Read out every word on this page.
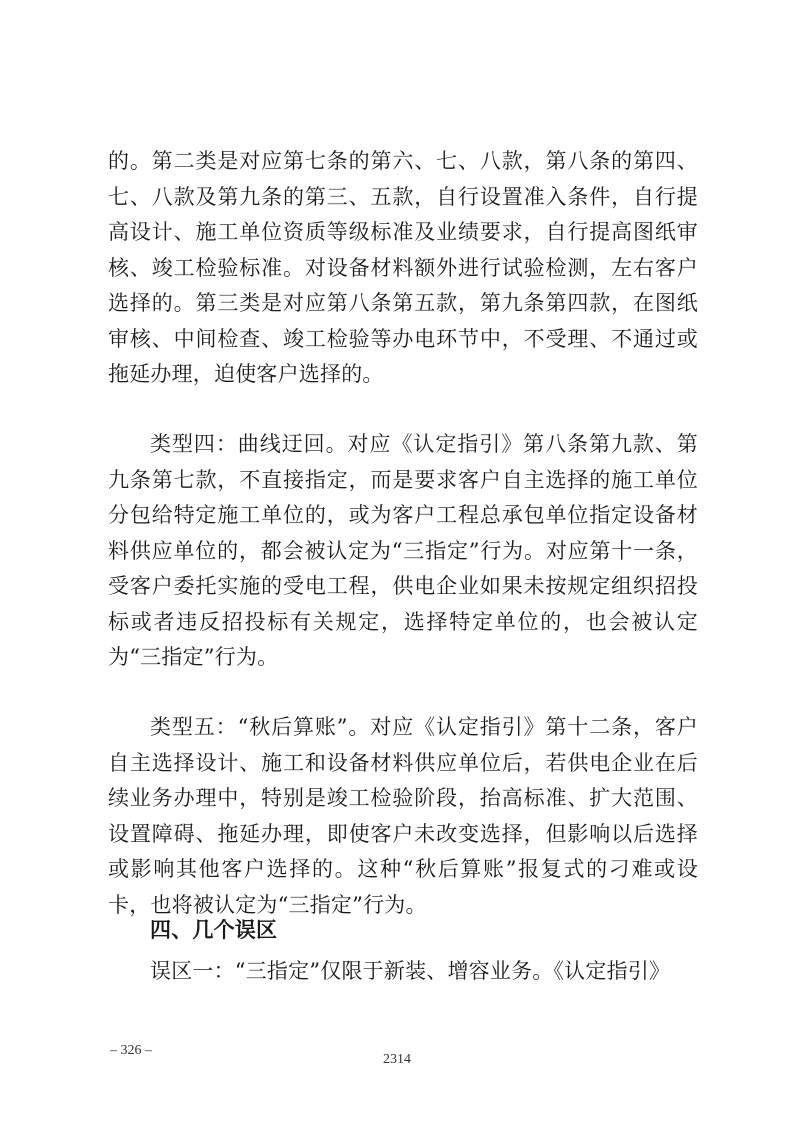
的。第二类是对应第七条的第六、七、八款，第八条的第四、七、八款及第九条的第三、五款，自行设置准入条件，自行提高设计、施工单位资质等级标准及业绩要求，自行提高图纸审核、竣工检验标准。对设备材料额外进行试验检测，左右客户选择的。第三类是对应第八条第五款，第九条第四款，在图纸审核、中间检查、竣工检验等办电环节中，不受理、不通过或拖延办理，迫使客户选择的。

类型四：曲线迂回。对应《认定指引》第八条第九款、第九条第七款，不直接指定，而是要求客户自主选择的施工单位分包给特定施工单位的，或为客户工程总承包单位指定设备材料供应单位的，都会被认定为“三指定”行为。对应第十一条，受客户委托实施的受电工程，供电企业如果未按规定组织招投标或者违反招投标有关规定，选择特定单位的，也会被认定为“三指定”行为。

类型五：“秋后算账”。对应《认定指引》第十二条，客户自主选择设计、施工和设备材料供应单位后，若供电企业在后续业务办理中，特别是竣工检验阶段，抬高标准、扩大范围、设置障碍、拖延办理，即使客户未改变选择，但影响以后选择或影响其他客户选择的。这种“秋后算账”报复式的刁难或设卡，也将被认定为“三指定”行为。

四、几个误区

误区一：“三指定”仅限于新装、增容业务。《认定指引》

– 326 –
2314
